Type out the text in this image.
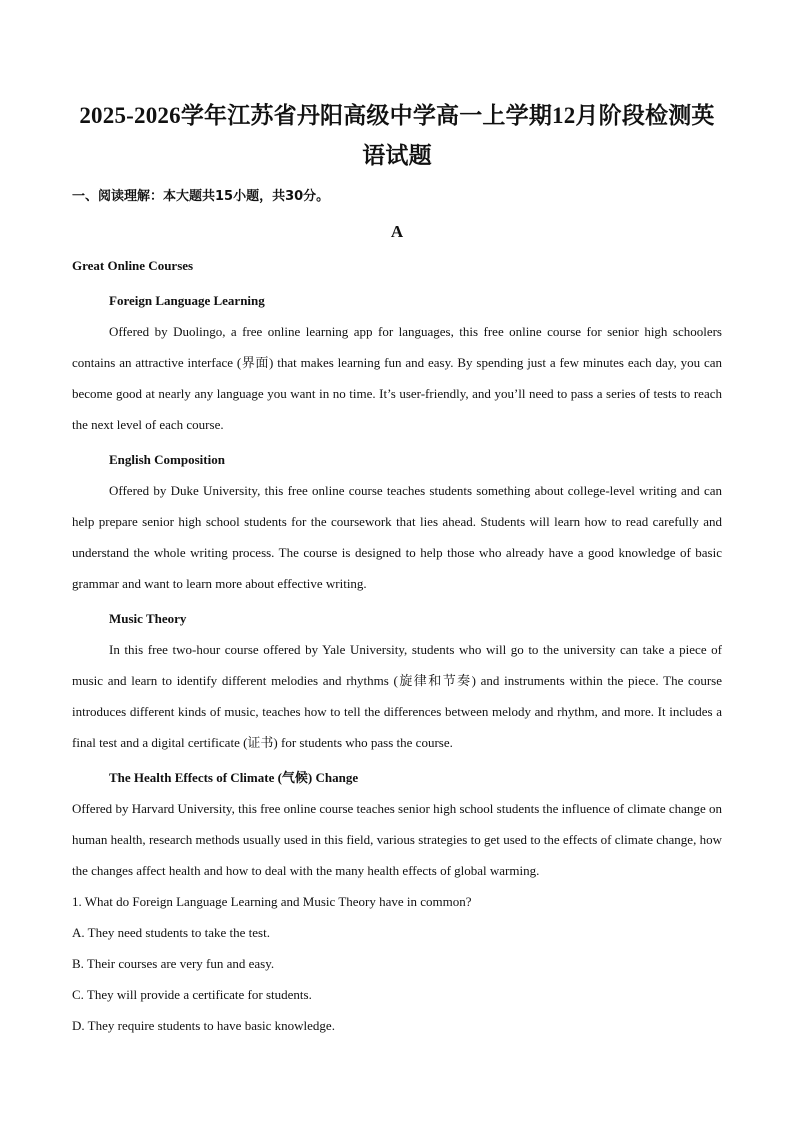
2025-2026学年江苏省丹阳高级中学高一上学期12月阶段检测英语试题

一、阅读理解：本大题共15小题，共30分。

A

Great Online Courses

Foreign Language Learning

Offered by Duolingo, a free online learning app for languages, this free online course for senior high schoolers contains an attractive interface (界面) that makes learning fun and easy. By spending just a few minutes each day, you can become good at nearly any language you want in no time. It’s user-friendly, and you’ll need to pass a series of tests to reach the next level of each course.

English Composition

Offered by Duke University, this free online course teaches students something about college-level writing and can help prepare senior high school students for the coursework that lies ahead. Students will learn how to read carefully and understand the whole writing process. The course is designed to help those who already have a good knowledge of basic grammar and want to learn more about effective writing.

Music Theory

In this free two-hour course offered by Yale University, students who will go to the university can take a piece of music and learn to identify different melodies and rhythms (旋律和节奏) and instruments within the piece. The course introduces different kinds of music, teaches how to tell the differences between melody and rhythm, and more. It includes a final test and a digital certificate (证书) for students who pass the course.

The Health Effects of Climate (气候) Change

Offered by Harvard University, this free online course teaches senior high school students the influence of climate change on human health, research methods usually used in this field, various strategies to get used to the effects of climate change, how the changes affect health and how to deal with the many health effects of global warming.

1. What do Foreign Language Learning and Music Theory have in common?

A. They need students to take the test.

B. Their courses are very fun and easy.

C. They will provide a certificate for students.

D. They require students to have basic knowledge.
